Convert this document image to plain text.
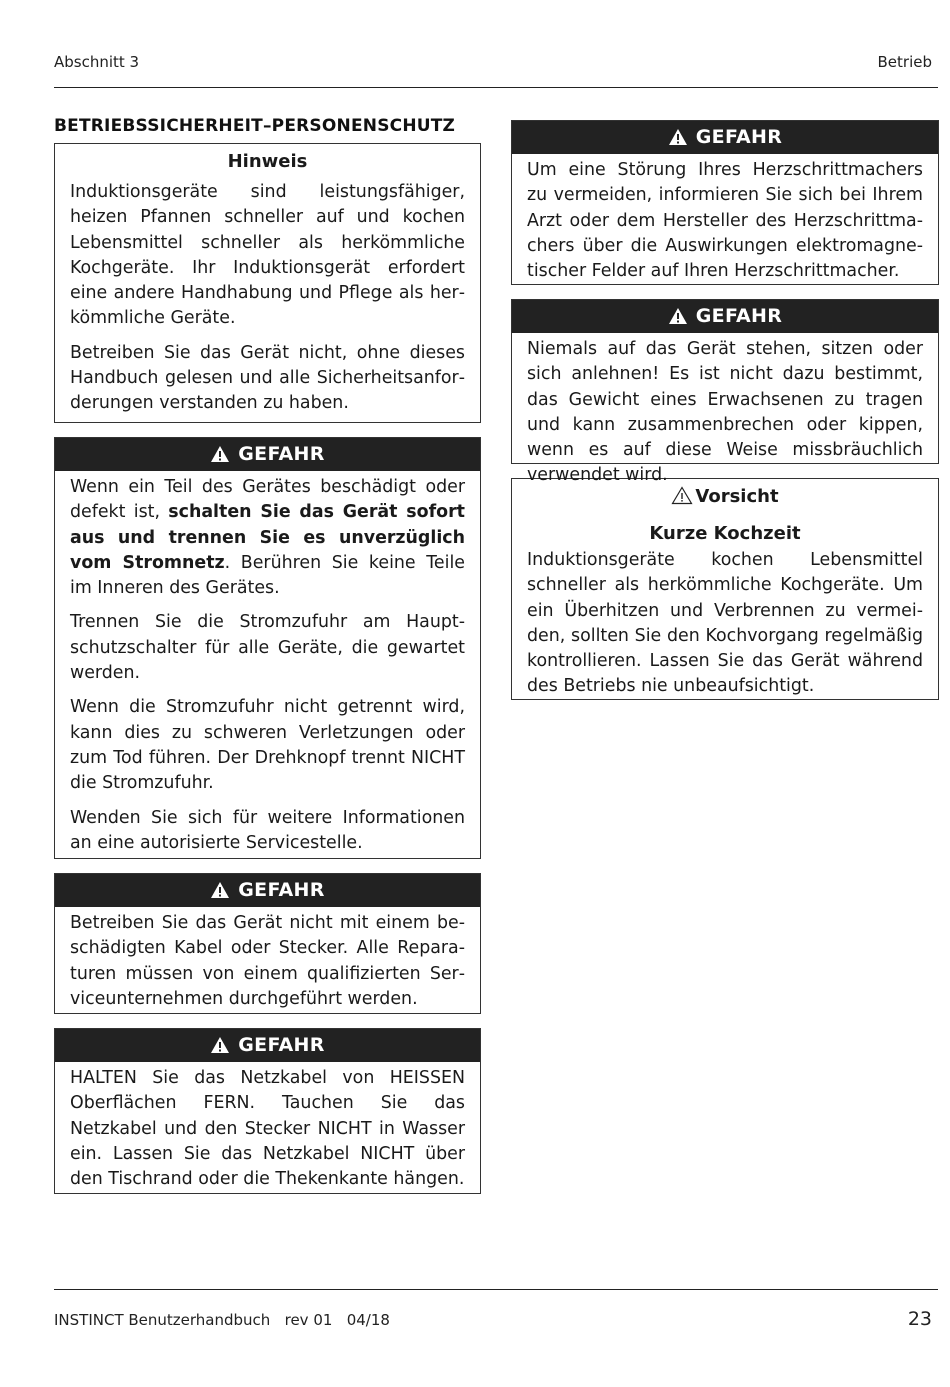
Abschnitt 3	Betrieb
BETRIEBSSICHERHEIT–PERSONENSCHUTZ
Hinweis

Induktionsgeräte sind leistungsfähiger, heizen Pfannen schneller auf und kochen Lebensmittel schneller als herkömmliche Kochgeräte. Ihr Induktionsgerät erfordert eine andere Handhabung und Pflege als herkömmliche Geräte.

Betreiben Sie das Gerät nicht, ohne dieses Handbuch gelesen und alle Sicherheitsanforderungen verstanden zu haben.

GEFAHR

Wenn ein Teil des Gerätes beschädigt oder defekt ist, schalten Sie das Gerät sofort aus und trennen Sie es unverzüglich vom Stromnetz. Berühren Sie keine Teile im Inneren des Gerätes.

Trennen Sie die Stromzufuhr am Hauptschutzschalter für alle Geräte, die gewartet werden.

Wenn die Stromzufuhr nicht getrennt wird, kann dies zu schweren Verletzungen oder zum Tod führen. Der Drehknopf trennt NICHT die Stromzufuhr.

Wenden Sie sich für weitere Informationen an eine autorisierte Servicestelle.

GEFAHR

Betreiben Sie das Gerät nicht mit einem beschädigten Kabel oder Stecker. Alle Reparaturen müssen von einem qualifizierten Serviceunternehmen durchgeführt werden.

GEFAHR

HALTEN Sie das Netzkabel von HEISSEN Oberflächen FERN. Tauchen Sie das Netzkabel und den Stecker NICHT in Wasser ein. Lassen Sie das Netzkabel NICHT über den Tischrand oder die Thekenkante hängen.

GEFAHR

Um eine Störung Ihres Herzschrittmachers zu vermeiden, informieren Sie sich bei Ihrem Arzt oder dem Hersteller des Herzschrittmachers über die Auswirkungen elektromagnetischer Felder auf Ihren Herzschrittmacher.

GEFAHR

Niemals auf das Gerät stehen, sitzen oder sich anlehnen! Es ist nicht dazu bestimmt, das Gewicht eines Erwachsenen zu tragen und kann zusammenbrechen oder kippen, wenn es auf diese Weise missbräuchlich verwendet wird.

Vorsicht
Kurze Kochzeit

Induktionsgeräte kochen Lebensmittel schneller als herkömmliche Kochgeräte. Um ein Überhitzen und Verbrennen zu vermeiden, sollten Sie den Kochvorgang regelmäßig kontrollieren. Lassen Sie das Gerät während des Betriebs nie unbeaufsichtigt.

INSTINCT Benutzerhandbuch   rev 01   04/18	23
